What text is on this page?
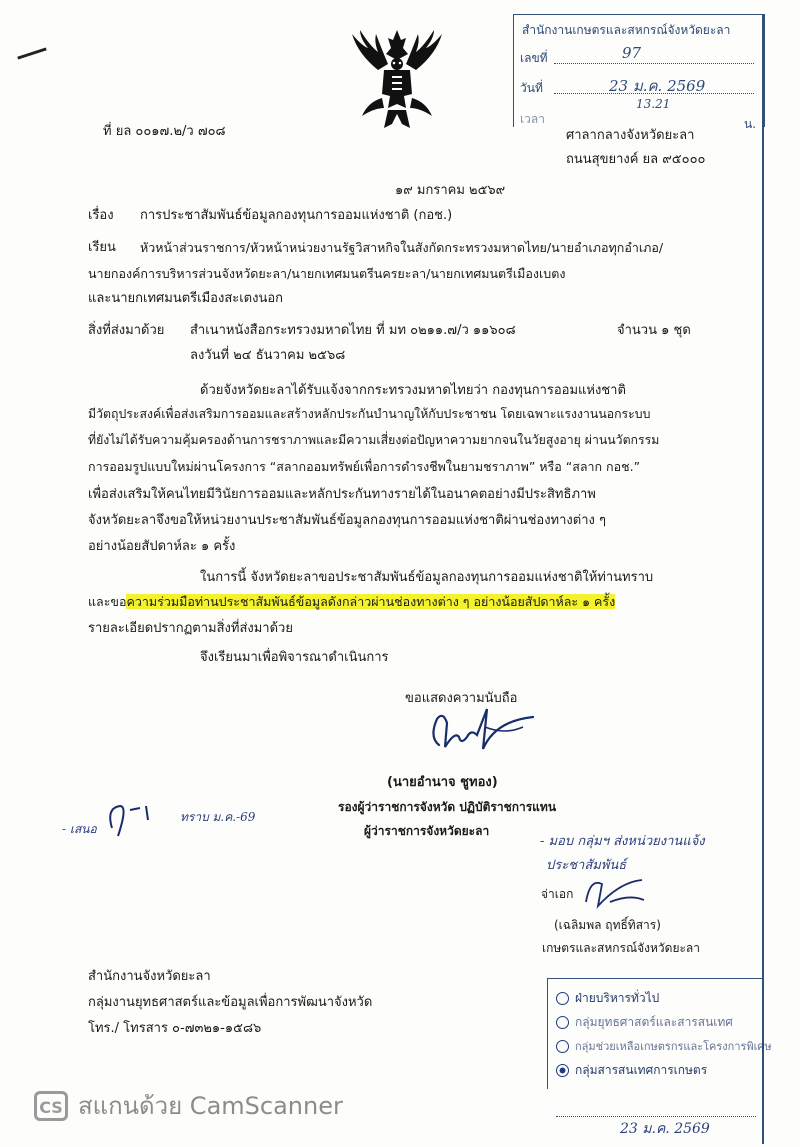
สำนักงานเกษตรและสหกรณ์จังหวัดยะลา
เลขที่	97
วันที่	23 ม.ค. 2569
13.21
เวลา	น.
ที่ ยล ๐๐๑๗.๒/ว ๗๐๘	ศาลากลางจังหวัดยะลา
ถนนสุขยางค์ ยล ๙๕๐๐๐
๑๙ มกราคม ๒๕๖๙
เรื่อง การประชาสัมพันธ์ข้อมูลกองทุนการออมแห่งชาติ (กอช.)
เรียน หัวหน้าส่วนราชการ/หัวหน้าหน่วยงานรัฐวิสาหกิจในสังกัดกระทรวงมหาดไทย/นายอำเภอทุกอำเภอ/
นายกองค์การบริหารส่วนจังหวัดยะลา/นายกเทศมนตรีนครยะลา/นายกเทศมนตรีเมืองเบตง
และนายกเทศมนตรีเมืองสะเตงนอก
สิ่งที่ส่งมาด้วย สำเนาหนังสือกระทรวงมหาดไทย ที่ มท ๐๒๑๑.๗/ว ๑๑๖๐๘	จำนวน ๑ ชุด
ลงวันที่ ๒๔ ธันวาคม ๒๕๖๘
ด้วยจังหวัดยะลาได้รับแจ้งจากกระทรวงมหาดไทยว่า กองทุนการออมแห่งชาติ
มีวัตถุประสงค์เพื่อส่งเสริมการออมและสร้างหลักประกันบำนาญให้กับประชาชน โดยเฉพาะแรงงานนอกระบบ
ที่ยังไม่ได้รับความคุ้มครองด้านการชราภาพและมีความเสี่ยงต่อปัญหาความยากจนในวัยสูงอายุ ผ่านนวัตกรรม
การออมรูปแบบใหม่ผ่านโครงการ “สลากออมทรัพย์เพื่อการดำรงชีพในยามชราภาพ” หรือ “สลาก กอช.”
เพื่อส่งเสริมให้คนไทยมีวินัยการออมและหลักประกันทางรายได้ในอนาคตอย่างมีประสิทธิภาพ
จังหวัดยะลาจึงขอให้หน่วยงานประชาสัมพันธ์ข้อมูลกองทุนการออมแห่งชาติผ่านช่องทางต่าง ๆ
อย่างน้อยสัปดาห์ละ ๑ ครั้ง
ในการนี้ จังหวัดยะลาขอประชาสัมพันธ์ข้อมูลกองทุนการออมแห่งชาติให้ท่านทราบ
และขอความร่วมมือท่านประชาสัมพันธ์ข้อมูลดังกล่าวผ่านช่องทางต่าง ๆ อย่างน้อยสัปดาห์ละ ๑ ครั้ง
รายละเอียดปรากฏตามสิ่งที่ส่งมาด้วย
จึงเรียนมาเพื่อพิจารณาดำเนินการ
ขอแสดงความนับถือ
(นายอำนาจ ชูทอง)
รองผู้ว่าราชการจังหวัด ปฏิบัติราชการแทน
ผู้ว่าราชการจังหวัดยะลา
- เสนอ
ทราบ ม.ค.-69
- มอบ กลุ่มฯ ส่งหน่วยงานแจ้ง
ประชาสัมพันธ์
จ่าเอก
(เฉลิมพล ฤทธิ์ทิสาร)
เกษตรและสหกรณ์จังหวัดยะลา
สำนักงานจังหวัดยะลา
กลุ่มงานยุทธศาสตร์และข้อมูลเพื่อการพัฒนาจังหวัด
โทร./ โทรสาร ๐-๗๓๒๑-๑๕๘๖
ฝ่ายบริหารทั่วไป
กลุ่มยุทธศาสตร์และสารสนเทศ
กลุ่มช่วยเหลือเกษตรกรและโครงการพิเศษ
กลุ่มสารสนเทศการเกษตร
23 ม.ค. 2569
CS สแกนด้วย CamScanner
